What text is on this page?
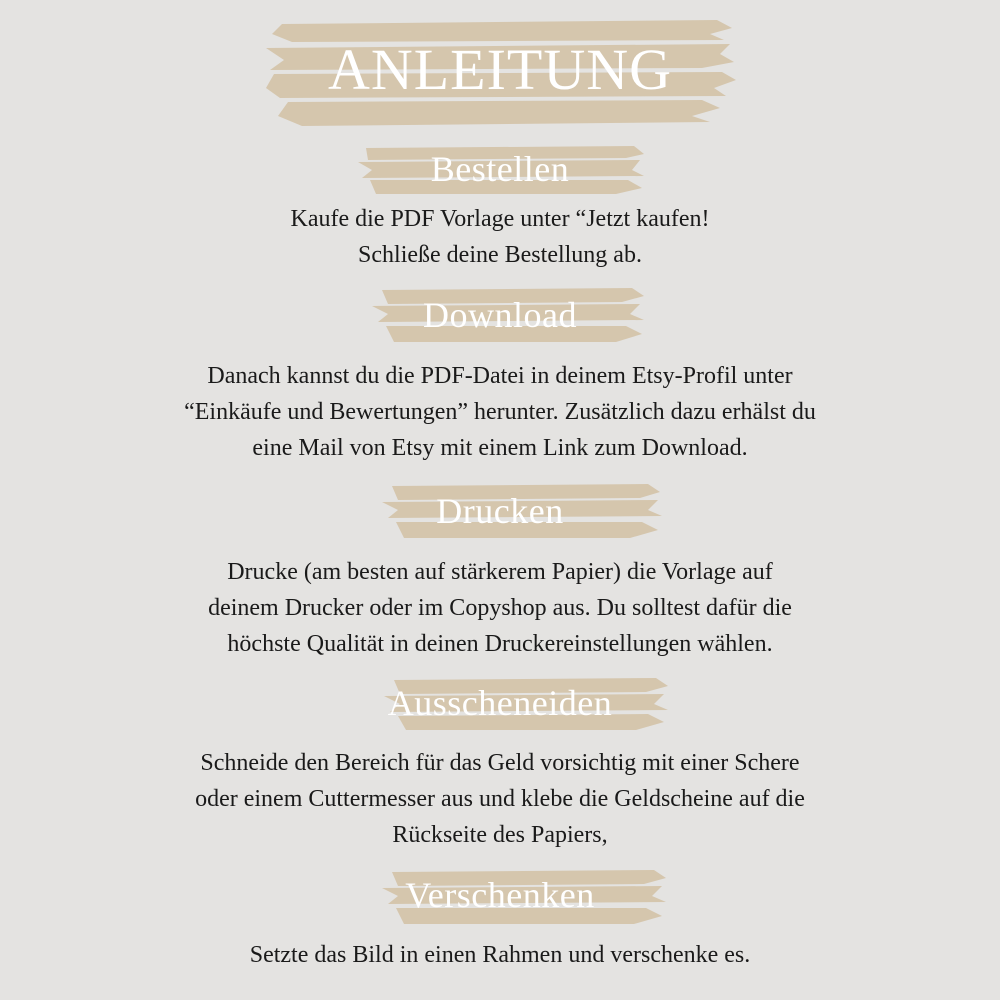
ANLEITUNG
Bestellen
Kaufe die PDF Vorlage unter “Jetzt kaufen!
Schließe deine Bestellung ab.
Download
Danach kannst du die PDF-Datei in deinem Etsy-Profil unter
“Einkäufe und Bewertungen” herunter. Zusätzlich dazu erhälst du
eine Mail von Etsy mit einem Link zum Download.
Drucken
Drucke (am besten auf stärkerem Papier) die Vorlage auf
deinem Drucker oder im Copyshop aus. Du solltest dafür die
höchste Qualität in deinen Druckereinstellungen wählen.
Ausscheneiden
Schneide den Bereich für das Geld vorsichtig mit einer Schere
oder einem Cuttermesser aus und klebe die Geldscheine auf die
Rückseite des Papiers,
Verschenken
Setzte das Bild in einen Rahmen und verschenke es.
